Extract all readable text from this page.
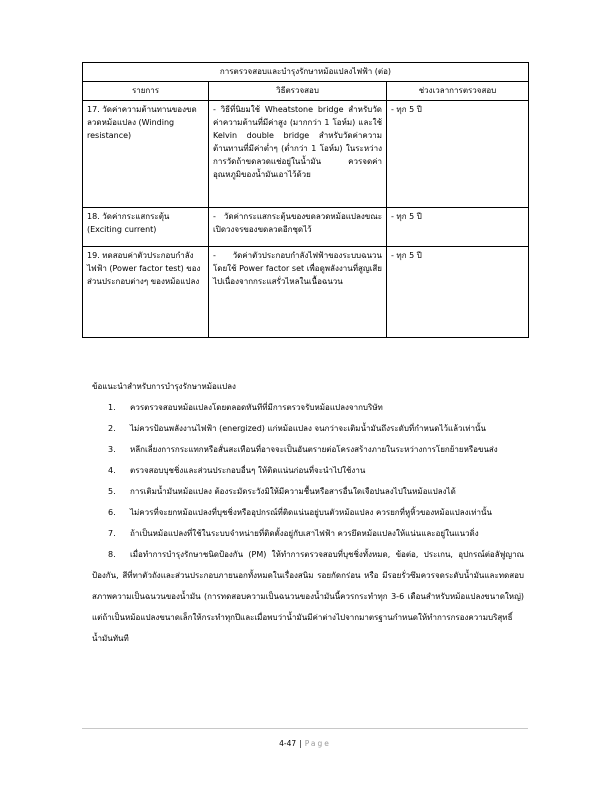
การตรวจสอบและบำรุงรักษาหม้อแปลงไฟฟ้า (ต่อ)		
รายการ	วิธีตรวจสอบ	ช่วงเวลาการตรวจสอบ
17. วัดค่าความต้านทานของขดลวดหม้อแปลง (Winding resistance)	- วิธีที่นิยมใช้ Wheatstone bridge สำหรับวัดค่าความต้านที่มีค่าสูง (มากกว่า 1 โอห์ม) และใช้ Kelvin double bridge สำหรับวัดค่าความต้านทานที่มีค่าต่ำๆ (ต่ำกว่า 1 โอห์ม) ในระหว่างการวัดถ้าขดลวดแช่อยู่ในน้ำมัน ควรจดค่าอุณหภูมิของน้ำมันเอาไว้ด้วย	- ทุก 5 ปี
18. วัดค่ากระแสกระตุ้น (Exciting current)	- วัดค่ากระแสกระตุ้นของขดลวดหม้อแปลงขณะเปิดวงจรของขดลวดอีกชุดไว้	- ทุก 5 ปี
19. ทดสอบค่าตัวประกอบกำลังไฟฟ้า (Power factor test) ของส่วนประกอบต่างๆ ของหม้อแปลง	- วัดค่าตัวประกอบกำลังไฟฟ้าของระบบฉนวนโดยใช้ Power factor set เพื่อดูพลังงานที่สูญเสียไปเนื่องจากกระแสรั่วไหลในเนื้อฉนวน	- ทุก 5 ปี

ข้อแนะนำสำหรับการบำรุงรักษาหม้อแปลง

1. ควรตรวจสอบหม้อแปลงโดยตลอดทันทีที่มีการตรวจรับหม้อแปลงจากบริษัท
2. ไม่ควรป้อนพลังงานไฟฟ้า (energized) แก่หม้อแปลง จนกว่าจะเติมน้ำมันถึงระดับที่กำหนดไว้แล้วเท่านั้น
3. หลีกเลี่ยงการกระแทกหรือสั่นสะเทือนที่อาจจะเป็นอันตรายต่อโครงสร้างภายในระหว่างการโยกย้ายหรือขนส่ง
4. ตรวจสอบบุชชิ่งและส่วนประกอบอื่นๆ ให้ติดแน่นก่อนที่จะนำไปใช้งาน
5. การเติมน้ำมันหม้อแปลง ต้องระมัดระวังมิให้มีความชื้นหรือสารอื่นใดเจือปนลงไปในหม้อแปลงได้
6. ไม่ควรที่จะยกหม้อแปลงที่บุชชิ่งหรืออุปกรณ์ที่ติดแน่นอยู่บนตัวหม้อแปลง ควรยกที่หูหิ้วของหม้อแปลงเท่านั้น
7. ถ้าเป็นหม้อแปลงที่ใช้ในระบบจำหน่ายที่ติดตั้งอยู่กับเสาไฟฟ้า ควรยึดหม้อแปลงให้แน่นและอยู่ในแนวดิ่ง
8. เมื่อทำการบำรุงรักษาชนิดป้องกัน (PM) ให้ทำการตรวจสอบที่บุชชิ่งทั้งหมด, ข้อต่อ, ประเกน, อุปกรณ์ต่อลัฟูญาณป้องกัน, สีที่ทาตัวถังและส่วนประกอบภายนอกทั้งหมดในเรื่องสนิม รอยกัดกร่อน หรือ มีรอยรั่วซึมควรจดระดับน้ำมันและทดสอบสภาพความเป็นฉนวนของน้ำมัน (การทดสอบความเป็นฉนวนของน้ำมันนี้ควรกระทำทุก 3-6 เดือนสำหรับหม้อแปลงขนาดใหญ่) แต่ถ้าเป็นหม้อแปลงขนาดเล็กให้กระทำทุกปีและเมื่อพบว่าน้ำมันมีค่าต่างไปจากมาตรฐานกำหนดให้ทำการกรองความบริสุทธิ์น้ำมันทันที
4-47 | Page
